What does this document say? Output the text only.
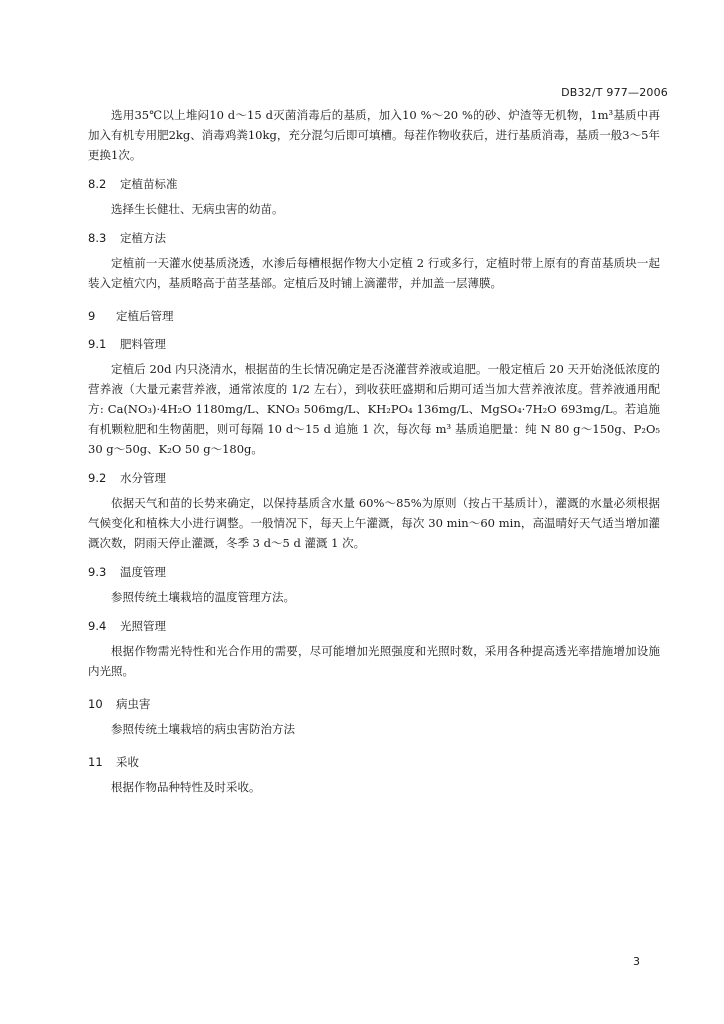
DB32/T 977—2006

选用35℃以上堆闷10 d～15 d灭菌消毒后的基质，加入10 %～20 %的砂、炉渣等无机物，1m³基质中再加入有机专用肥2kg、消毒鸡粪10kg，充分混匀后即可填槽。每茬作物收获后，进行基质消毒，基质一般3～5年更换1次。

8.2	定植苗标准

选择生长健壮、无病虫害的幼苗。

8.3	定植方法

定植前一天灌水使基质浇透，水渗后每槽根据作物大小定植 2 行或多行，定植时带上原有的育苗基质块一起装入定植穴内，基质略高于苗茎基部。定植后及时铺上滴灌带，并加盖一层薄膜。

9	定植后管理
9.1	肥料管理

定植后 20d 内只浇清水，根据苗的生长情况确定是否浇灌营养液或追肥。一般定植后 20 天开始浇低浓度的营养液（大量元素营养液，通常浓度的 1/2 左右），到收获旺盛期和后期可适当加大营养液浓度。营养液通用配方: Ca(NO₃)·4H₂O 1180mg/L、KNO₃ 506mg/L、KH₂PO₄ 136mg/L、MgSO₄·7H₂O 693mg/L。若追施有机颗粒肥和生物菌肥，则可每隔 10 d～15 d 追施 1 次，每次每 m³ 基质追肥量：纯 N 80 g～150g、P₂O₅ 30 g～50g、K₂O 50 g～180g。

9.2	水分管理

依据天气和苗的长势来确定，以保持基质含水量 60%～85%为原则（按占干基质计），灌溉的水量必须根据气候变化和植株大小进行调整。一般情况下，每天上午灌溉，每次 30 min～60 min，高温晴好天气适当增加灌溉次数，阴雨天停止灌溉，冬季 3 d～5 d 灌溉 1 次。

9.3	温度管理

参照传统土壤栽培的温度管理方法。

9.4	光照管理

根据作物需光特性和光合作用的需要，尽可能增加光照强度和光照时数，采用各种提高透光率措施增加设施内光照。

10	病虫害

参照传统土壤栽培的病虫害防治方法

11	采收

根据作物品种特性及时采收。

3
